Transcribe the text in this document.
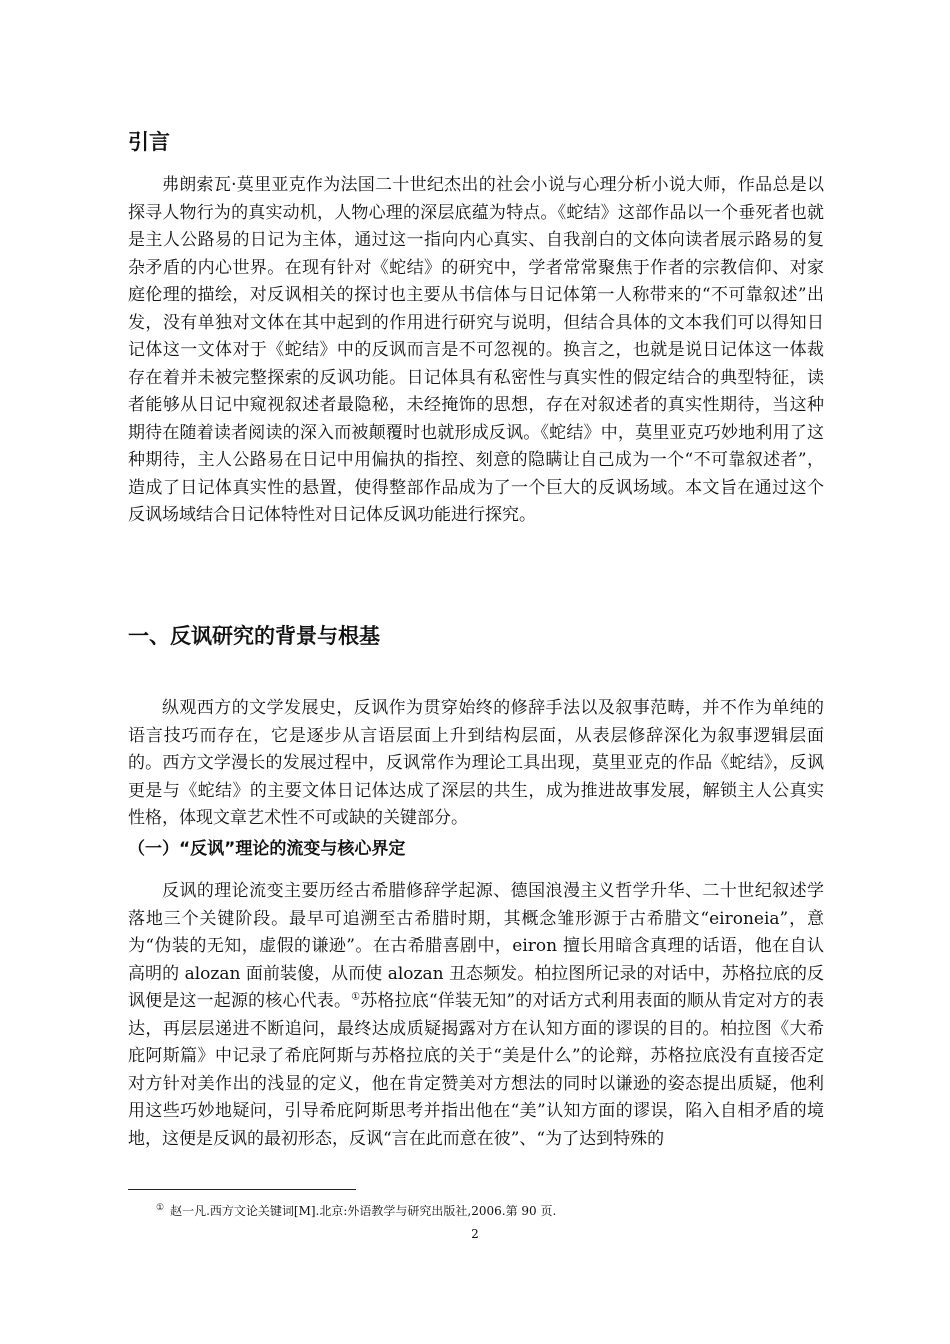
引言

弗朗索瓦·莫里亚克作为法国二十世纪杰出的社会小说与心理分析小说大师，作品总是以探寻人物行为的真实动机，人物心理的深层底蕴为特点。《蛇结》这部作品以一个垂死者也就是主人公路易的日记为主体，通过这一指向内心真实、自我剖白的文体向读者展示路易的复杂矛盾的内心世界。在现有针对《蛇结》的研究中，学者常常聚焦于作者的宗教信仰、对家庭伦理的描绘，对反讽相关的探讨也主要从书信体与日记体第一人称带来的“不可靠叙述”出发，没有单独对文体在其中起到的作用进行研究与说明，但结合具体的文本我们可以得知日记体这一文体对于《蛇结》中的反讽而言是不可忽视的。换言之，也就是说日记体这一体裁存在着并未被完整探索的反讽功能。日记体具有私密性与真实性的假定结合的典型特征，读者能够从日记中窥视叙述者最隐秘，未经掩饰的思想，存在对叙述者的真实性期待，当这种期待在随着读者阅读的深入而被颠覆时也就形成反讽。《蛇结》中，莫里亚克巧妙地利用了这种期待，主人公路易在日记中用偏执的指控、刻意的隐瞒让自己成为一个“不可靠叙述者”，造成了日记体真实性的悬置，使得整部作品成为了一个巨大的反讽场域。本文旨在通过这个反讽场域结合日记体特性对日记体反讽功能进行探究。

一、反讽研究的背景与根基

纵观西方的文学发展史，反讽作为贯穿始终的修辞手法以及叙事范畴，并不作为单纯的语言技巧而存在，它是逐步从言语层面上升到结构层面，从表层修辞深化为叙事逻辑层面的。西方文学漫长的发展过程中，反讽常作为理论工具出现，莫里亚克的作品《蛇结》，反讽更是与《蛇结》的主要文体日记体达成了深层的共生，成为推进故事发展，解锁主人公真实性格，体现文章艺术性不可或缺的关键部分。

（一）“反讽”理论的流变与核心界定

反讽的理论流变主要历经古希腊修辞学起源、德国浪漫主义哲学升华、二十世纪叙述学落地三个关键阶段。最早可追溯至古希腊时期，其概念雏形源于古希腊文“eironeia”，意为“伪装的无知，虚假的谦逊”。在古希腊喜剧中，eiron 擅长用暗含真理的话语，他在自认高明的 alozan 面前装傻，从而使 alozan 丑态频发。柏拉图所记录的对话中，苏格拉底的反讽便是这一起源的核心代表。①苏格拉底“佯装无知”的对话方式利用表面的顺从肯定对方的表达，再层层递进不断追问，最终达成质疑揭露对方在认知方面的谬误的目的。柏拉图《大希庇阿斯篇》中记录了希庇阿斯与苏格拉底的关于“美是什么”的论辩，苏格拉底没有直接否定对方针对美作出的浅显的定义，他在肯定赞美对方想法的同时以谦逊的姿态提出质疑，他利用这些巧妙地疑问，引导希庇阿斯思考并指出他在“美”认知方面的谬误，陷入自相矛盾的境地，这便是反讽的最初形态，反讽“言在此而意在彼”、“为了达到特殊的

① 赵一凡.西方文论关键词[M].北京:外语教学与研究出版社,2006.第 90 页.
2
